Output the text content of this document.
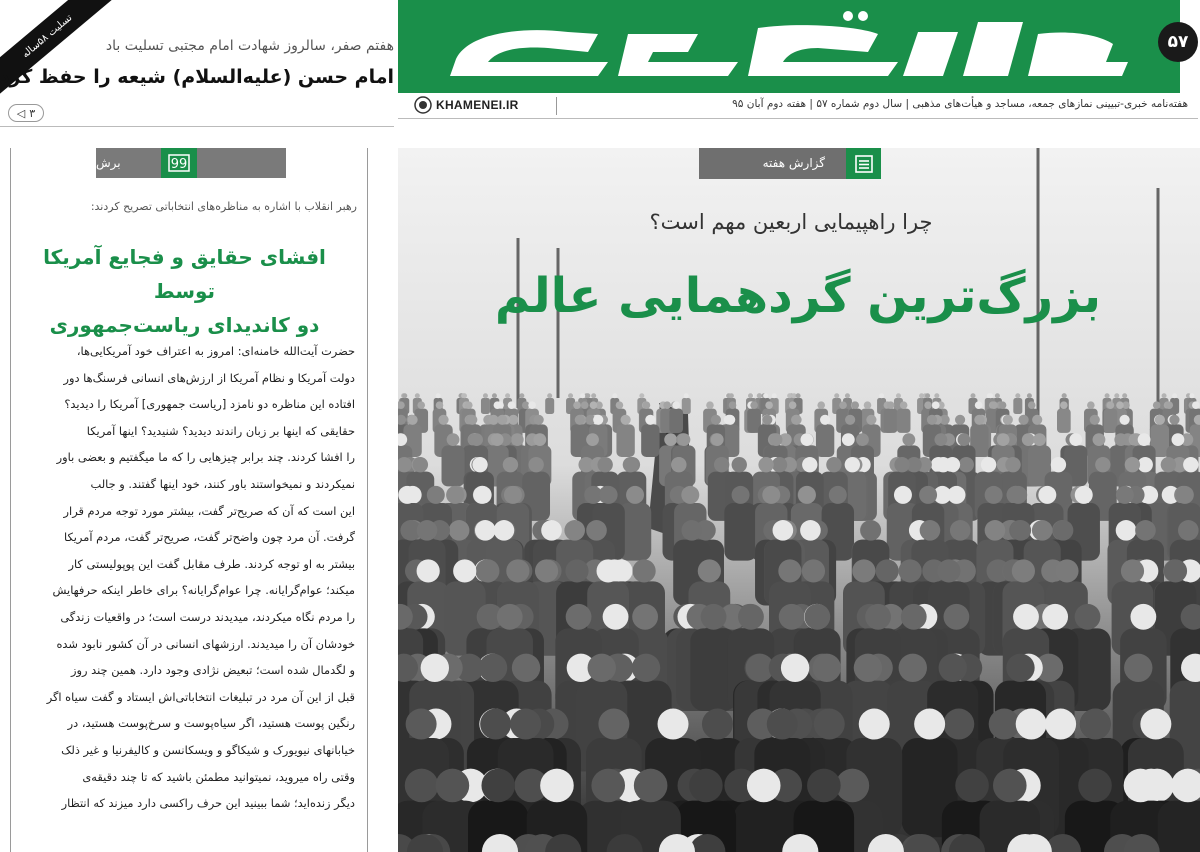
۵۷
هفته‌نامه خبری-تبیینی نمازهای جمعه، مساجد و هیأت‌های مذهبی | سال دوم شماره ۵۷ | هفته دوم آبان ۹۵
KHAMENEI.IR
تسلیت ۵۸ساله
هفتم صفر، سالروز شهادت امام مجتبی تسلیت باد
امام حسن (علیه‌السلام) شیعه را حفظ کرد
◁ ۳
برش	99
رهبر انقلاب با اشاره به مناظره‌های انتخاباتی تصریح کردند:
افشای حقایق و فجایع آمریکا توسط
دو کاندیدای ریاست‌جمهوری

حضرت آیت‌الله خامنه‌ای: امروز به اعتراف خود آمریکایی‌ها،

دولت آمریکا و نظام آمریکا از ارزش‌های انسانی فرسنگ‌ها دور

افتاده این مناظره دو نامزد [ریاست جمهوری] آمریکا را دیدید؟

حقایقی که اینها بر زبان راندند دیدید؟ شنیدید؟ اینها آمریکا

را افشا کردند. چند برابر چیزهایی را که ما میگفتیم و بعضی باور

نمیکردند و نمیخواستند باور کنند، خود اینها گفتند. و جالب

این است که آن که صریح‌تر گفت، بیشتر مورد توجه مردم قرار

گرفت. آن مرد چون واضح‌تر گفت، صریح‌تر گفت، مردم آمریکا

بیشتر به او توجه کردند. طرف مقابل گفت این پوپولیستی کار

میکند؛ عوام‌گرایانه. چرا عوام‌گرایانه؟ برای خاطر اینکه حرفهایش

را مردم نگاه میکردند، میدیدند درست است؛ در واقعیات زندگی

خودشان آن را میدیدند. ارزشهای انسانی در آن کشور نابود شده

و لگدمال شده است؛ تبعیض نژادی وجود دارد. همین چند روز

قبل از این آن مرد در تبلیغات انتخاباتی‌اش ایستاد و گفت سیاه اگر

رنگین پوست هستید، اگر سیاه‌پوست و سرخ‌پوست هستید، در

خیابانهای نیویورک و شیکاگو و ویسکانسن و کالیفرنیا و غیر ذلک

وقتی راه میروید، نمیتوانید مطمئن باشید که تا چند دقیقه‌ی

دیگر زنده‌اید؛ شما ببینید این حرف راکسی دارد میزند که انتظار

گزارش هفته
چرا راهپیمایی اربعین مهم است؟
بزرگ‌ترین گردهمایی عالم
